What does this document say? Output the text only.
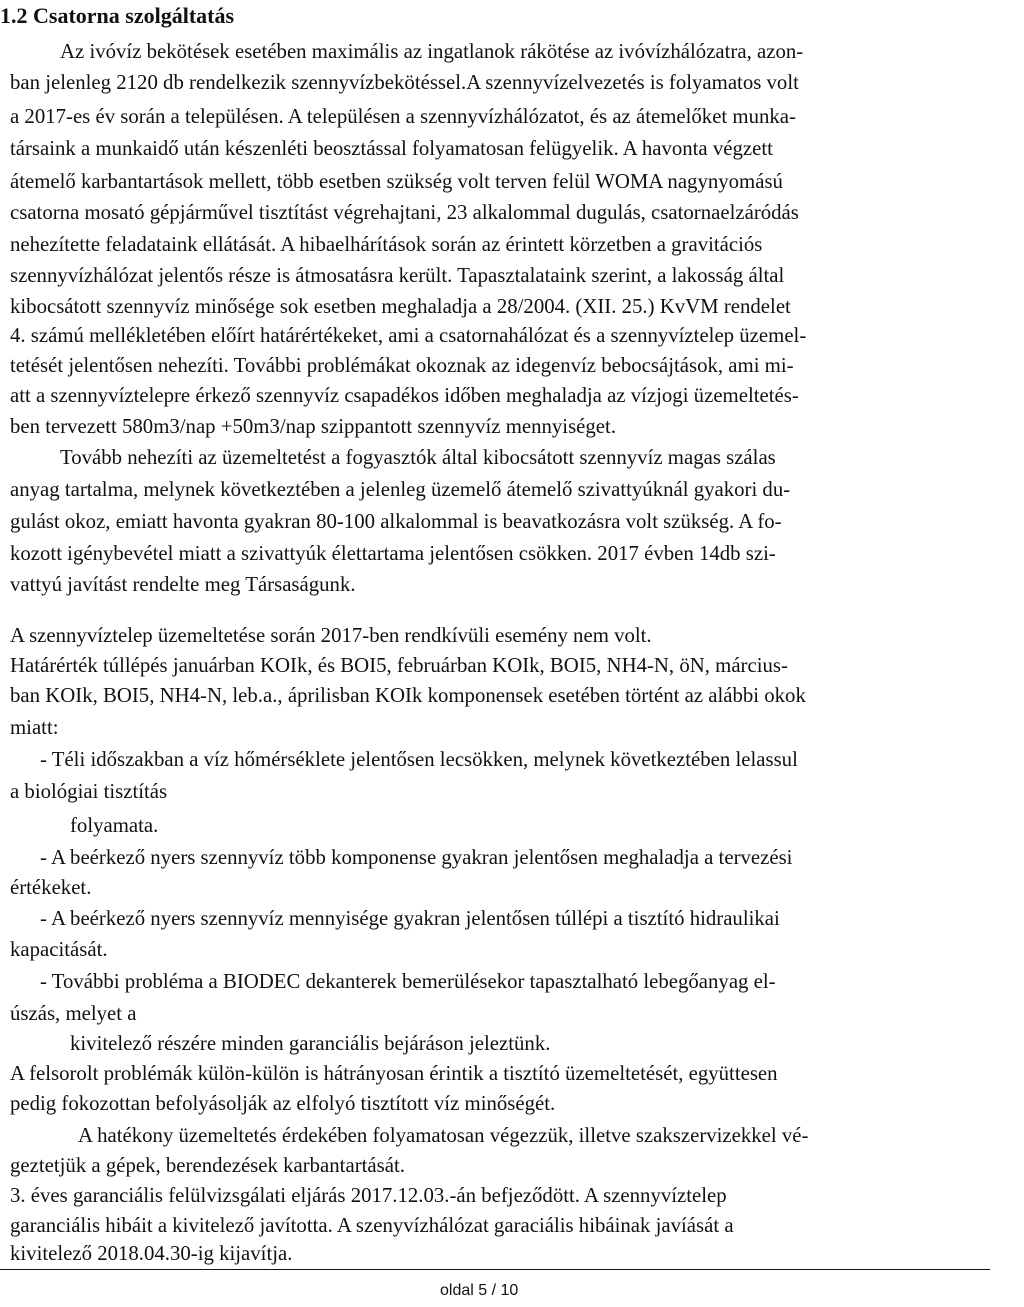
1.2 Csatorna szolgáltatás
Az ivóvíz bekötések esetében maximális az ingatlanok rákötése az ivóvízhálózatra, azon-
ban jelenleg 2120 db rendelkezik szennyvízbekötéssel.A szennyvízelvezetés is folyamatos volt
a 2017-es év során a településen. A településen a szennyvízhálózatot, és az átemelőket munka-
társaink a munkaidő után készenléti beosztással folyamatosan felügyelik. A havonta végzett
átemelő karbantartások mellett, több esetben szükség volt terven felül WOMA nagynyomású
csatorna mosató gépjárművel tisztítást végrehajtani, 23 alkalommal dugulás, csatornaelzáródás
nehezítette feladataink ellátását. A hibaelhárítások során az érintett körzetben a gravitációs
szennyvízhálózat jelentős része is átmosatásra került. Tapasztalataink szerint, a lakosság által
kibocsátott szennyvíz minősége sok esetben meghaladja a 28/2004. (XII. 25.) KvVM rendelet
4. számú mellékletében előírt határértékeket, ami a csatornahálózat és a szennyvíztelep üzemel-
tetését jelentősen nehezíti. További problémákat okoznak az idegenvíz bebocsájtások, ami mi-
att a szennyvíztelepre érkező szennyvíz csapadékos időben meghaladja az vízjogi üzemeltetés-
ben tervezett 580m3/nap +50m3/nap szippantott szennyvíz mennyiséget.
Tovább nehezíti az üzemeltetést a fogyasztók által kibocsátott szennyvíz magas szálas
anyag tartalma, melynek következtében a jelenleg üzemelő átemelő szivattyúknál gyakori du-
gulást okoz, emiatt havonta gyakran 80-100 alkalommal is beavatkozásra volt szükség. A fo-
kozott igénybevétel miatt a szivattyúk élettartama jelentősen csökken. 2017 évben 14db szi-
vattyú javítást rendelte meg Társaságunk.
A szennyvíztelep üzemeltetése során 2017-ben rendkívüli esemény nem volt.
Határérték túllépés januárban KOIk, és BOI5, februárban KOIk, BOI5, NH4-N, öN, március-
ban KOIk, BOI5, NH4-N, leb.a., áprilisban KOIk komponensek esetében történt az alábbi okok
miatt:
- Téli időszakban a víz hőmérséklete jelentősen lecsökken, melynek következtében lelassul
a biológiai tisztítás
folyamata.
- A beérkező nyers szennyvíz több komponense gyakran jelentősen meghaladja a tervezési
értékeket.
- A beérkező nyers szennyvíz mennyisége gyakran jelentősen túllépi a tisztító hidraulikai
kapacitását.
- További probléma a BIODEC dekanterek bemerülésekor tapasztalható lebegőanyag el-
úszás, melyet a
kivitelező részére minden garanciális bejáráson jeleztünk.
A felsorolt problémák külön-külön is hátrányosan érintik a tisztító üzemeltetését, együttesen
pedig fokozottan befolyásolják az elfolyó tisztított víz minőségét.
A hatékony üzemeltetés érdekében folyamatosan végezzük, illetve szakszervizekkel vé-
geztetjük a gépek, berendezések karbantartását.
3. éves garanciális felülvizsgálati eljárás 2017.12.03.-án befjeződött. A szennyvíztelep
garanciális hibáit a kivitelező javította. A szenyvízhálózat garaciális hibáinak javíását a
kivitelező 2018.04.30-ig kijavítja.
oldal 5 / 10
